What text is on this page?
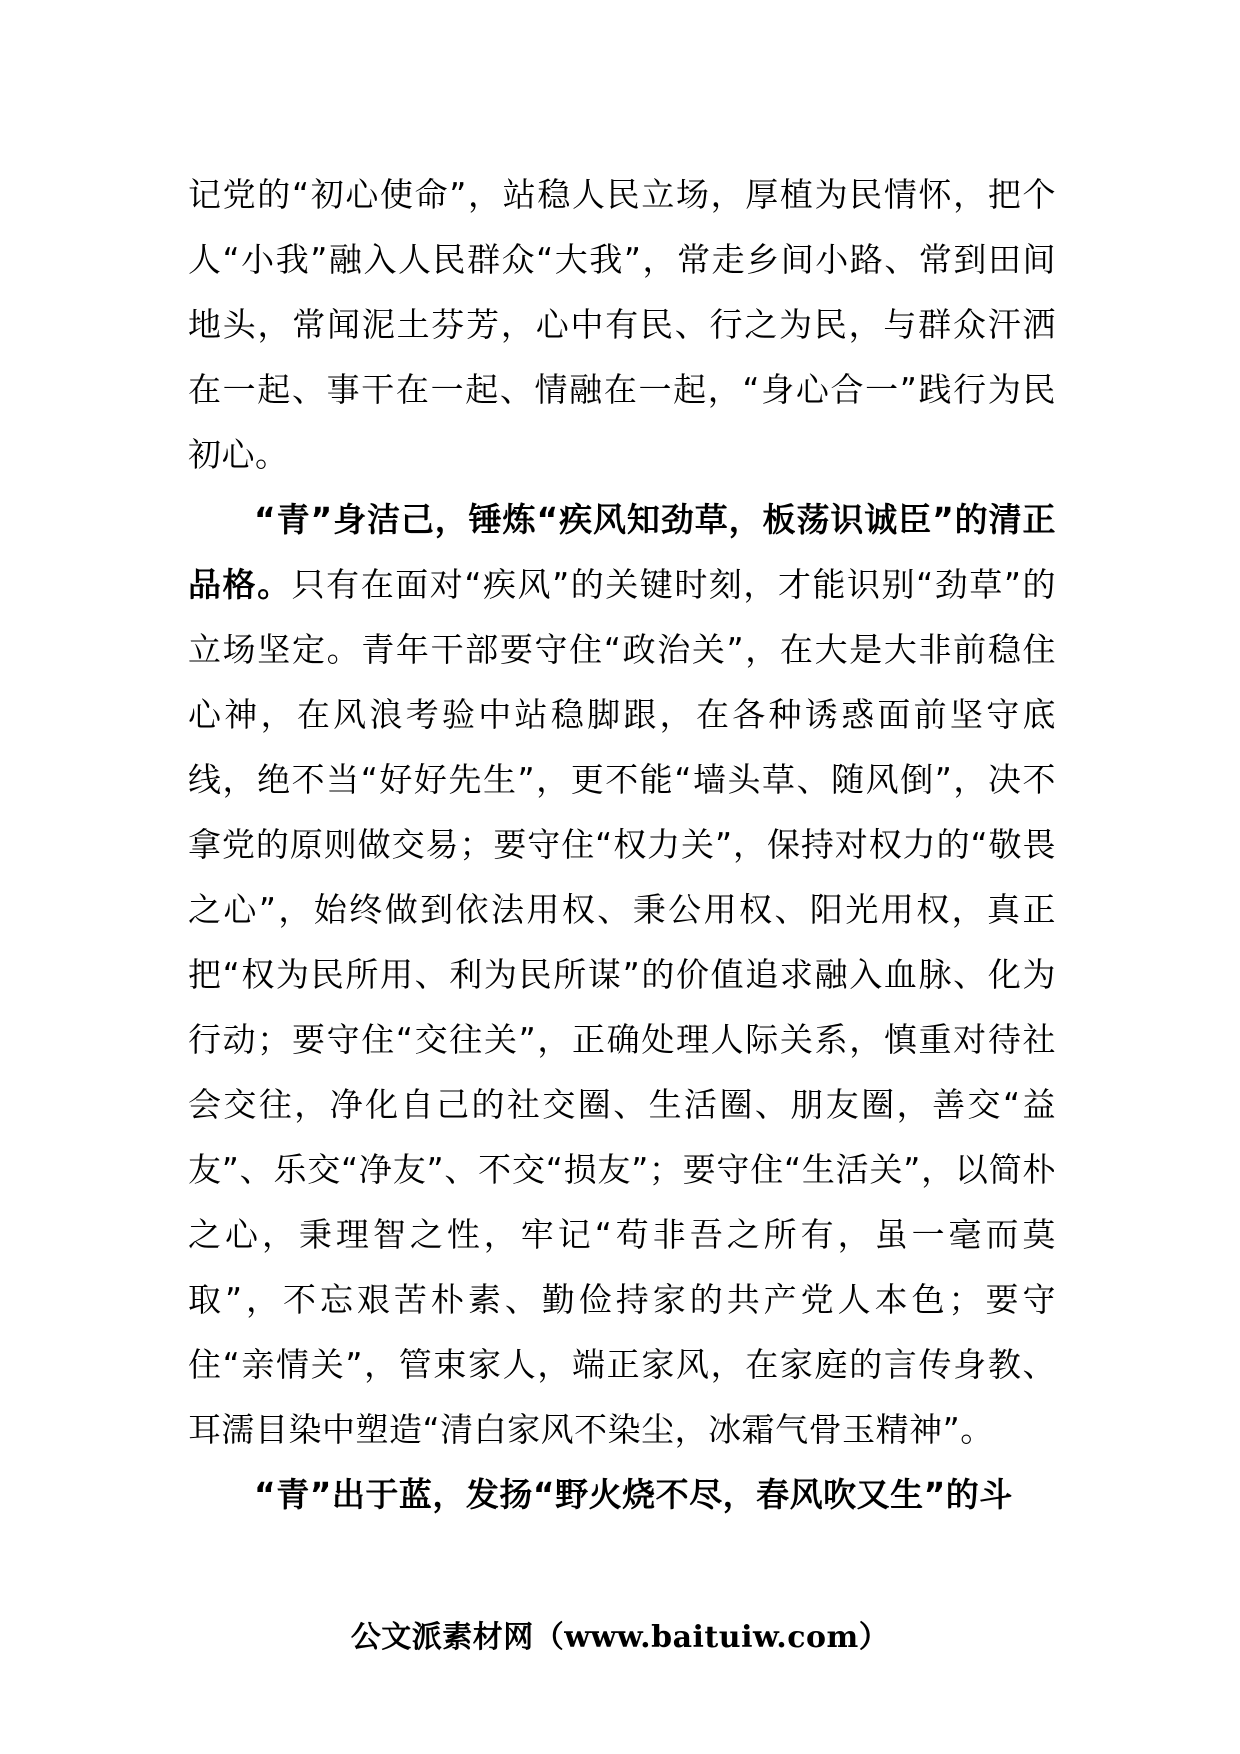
记党的“初心使命”，站稳人民立场，厚植为民情怀，把个人“小我”融入人民群众“大我”，常走乡间小路、常到田间地头，常闻泥土芬芳，心中有民、行之为民，与群众汗洒在一起、事干在一起、情融在一起，“身心合一”践行为民初心。

“青”身洁己，锤炼“疾风知劲草，板荡识诚臣”的清正品格。只有在面对“疾风”的关键时刻，才能识别“劲草”的立场坚定。青年干部要守住“政治关”，在大是大非前稳住心神，在风浪考验中站稳脚跟，在各种诱惑面前坚守底线，绝不当“好好先生”，更不能“墙头草、随风倒”，决不拿党的原则做交易；要守住“权力关”，保持对权力的“敬畏之心”，始终做到依法用权、秉公用权、阳光用权，真正把“权为民所用、利为民所谋”的价值追求融入血脉、化为行动；要守住“交往关”，正确处理人际关系，慎重对待社会交往，净化自己的社交圈、生活圈、朋友圈，善交“益友”、乐交“净友”、不交“损友”；要守住“生活关”，以简朴之心，秉理智之性，牢记“苟非吾之所有，虽一毫而莫取”，不忘艰苦朴素、勤俭持家的共产党人本色；要守住“亲情关”，管束家人，端正家风，在家庭的言传身教、耳濡目染中塑造“清白家风不染尘，冰霜气骨玉精神”。

“青”出于蓝，发扬“野火烧不尽，春风吹又生”的斗

公文派素材网（www.baituiw.com）
